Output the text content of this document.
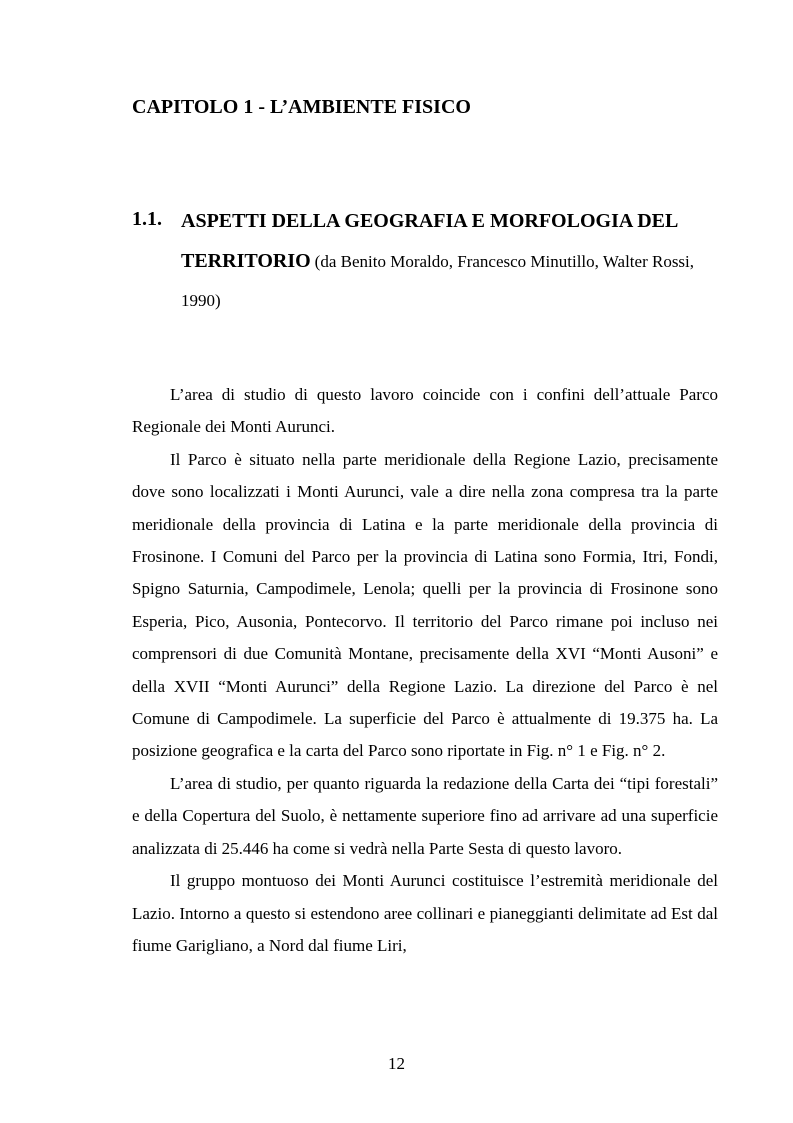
CAPITOLO 1 - L’AMBIENTE FISICO
1.1. ASPETTI DELLA GEOGRAFIA E MORFOLOGIA DEL TERRITORIO (da Benito Moraldo, Francesco Minutillo, Walter Rossi, 1990)

L’area di studio di questo lavoro coincide con i confini dell’attuale Parco Regionale dei Monti Aurunci.

Il Parco è situato nella parte meridionale della Regione Lazio, precisamente dove sono localizzati i Monti Aurunci, vale a dire nella zona compresa tra la parte meridionale della provincia di Latina e la parte meridionale della provincia di Frosinone. I Comuni del Parco per la provincia di Latina sono Formia, Itri, Fondi, Spigno Saturnia, Campodimele, Lenola; quelli per la provincia di Frosinone sono Esperia, Pico, Ausonia, Pontecorvo. Il territorio del Parco rimane poi incluso nei comprensori di due Comunità Montane, precisamente della XVI “Monti Ausoni” e della XVII “Monti Aurunci” della Regione Lazio. La direzione del Parco è nel Comune di Campodimele. La superficie del Parco è attualmente di 19.375 ha. La posizione geografica e la carta del Parco sono riportate in Fig. n° 1 e Fig. n° 2.

L’area di studio, per quanto riguarda la redazione della Carta dei “tipi forestali” e della Copertura del Suolo, è nettamente superiore fino ad arrivare ad una superficie analizzata di 25.446 ha come si vedrà nella Parte Sesta di questo lavoro.

Il gruppo montuoso dei Monti Aurunci costituisce l’estremità meridionale del Lazio. Intorno a questo si estendono aree collinari e pianeggianti delimitate ad Est dal fiume Garigliano, a Nord dal fiume Liri,

12
